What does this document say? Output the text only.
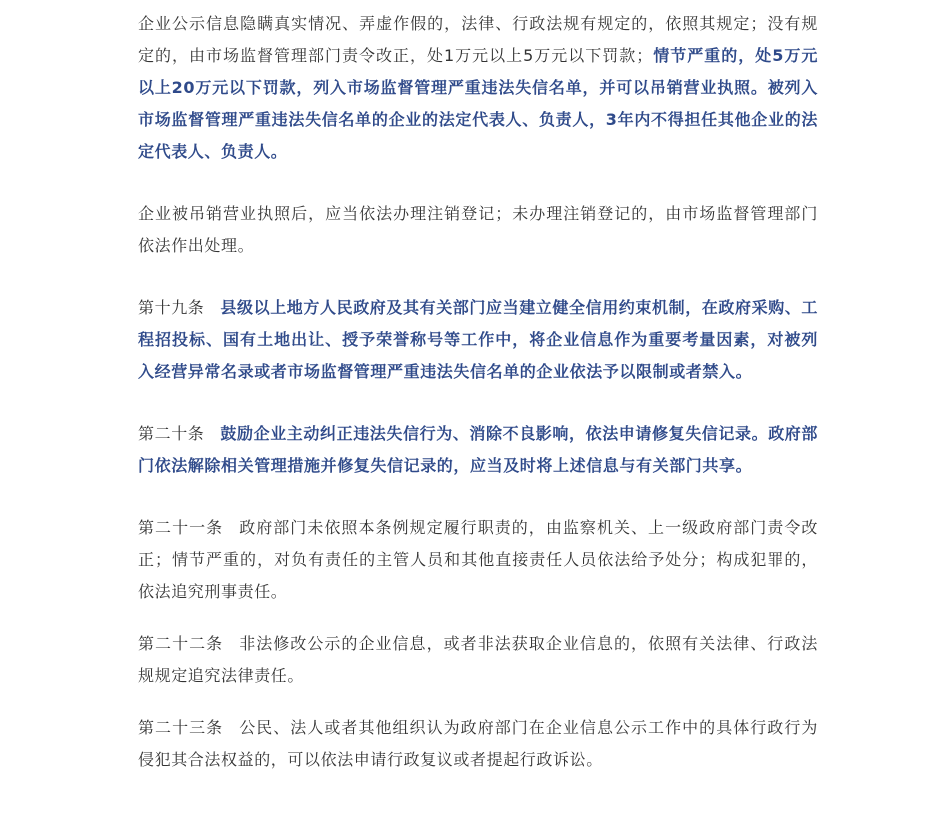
企业公示信息隐瞒真实情况、弄虚作假的，法律、行政法规有规定的，依照其规定；没有规定的，由市场监督管理部门责令改正，处1万元以上5万元以下罚款；情节严重的，处5万元以上20万元以下罚款，列入市场监督管理严重违法失信名单，并可以吊销营业执照。被列入市场监督管理严重违法失信名单的企业的法定代表人、负责人，3年内不得担任其他企业的法定代表人、负责人。

企业被吊销营业执照后，应当依法办理注销登记；未办理注销登记的，由市场监督管理部门依法作出处理。

第十九条 县级以上地方人民政府及其有关部门应当建立健全信用约束机制，在政府采购、工程招投标、国有土地出让、授予荣誉称号等工作中，将企业信息作为重要考量因素，对被列入经营异常名录或者市场监督管理严重违法失信名单的企业依法予以限制或者禁入。

第二十条 鼓励企业主动纠正违法失信行为、消除不良影响，依法申请修复失信记录。政府部门依法解除相关管理措施并修复失信记录的，应当及时将上述信息与有关部门共享。

第二十一条 政府部门未依照本条例规定履行职责的，由监察机关、上一级政府部门责令改正；情节严重的，对负有责任的主管人员和其他直接责任人员依法给予处分；构成犯罪的，依法追究刑事责任。

第二十二条 非法修改公示的企业信息，或者非法获取企业信息的，依照有关法律、行政法规规定追究法律责任。

第二十三条 公民、法人或者其他组织认为政府部门在企业信息公示工作中的具体行政行为侵犯其合法权益的，可以依法申请行政复议或者提起行政诉讼。
